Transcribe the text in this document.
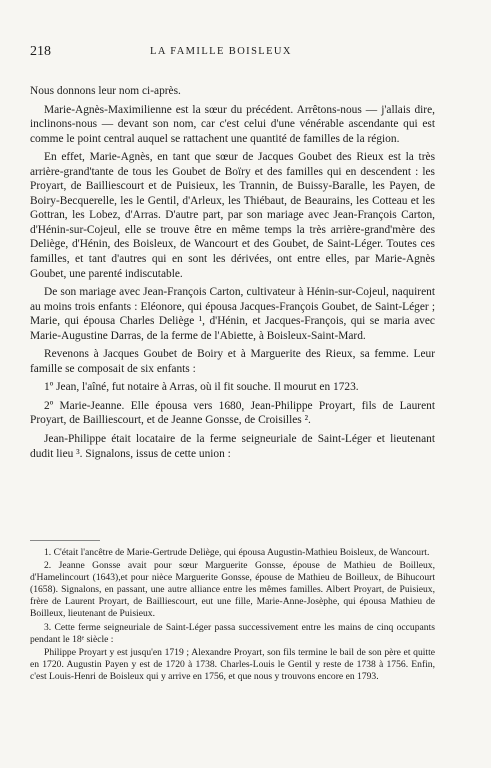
218	LA FAMILLE BOISLEUX

Nous donnons leur nom ci-après.

Marie-Agnès-Maximilienne est la sœur du précédent. Arrêtons-nous — j'allais dire, inclinons-nous — devant son nom, car c'est celui d'une vénérable ascendante qui est comme le point central auquel se rattachent une quantité de familles de la région.

En effet, Marie-Agnès, en tant que sœur de Jacques Goubet des Rieux est la très arrière-grand'tante de tous les Goubet de Boïry et des familles qui en descendent : les Proyart, de Bailliescourt et de Puisieux, les Trannin, de Buissy-Baralle, les Payen, de Boiry-Becquerelle, les le Gentil, d'Arleux, les Thiébaut, de Beaurains, les Cotteau et les Gottran, les Lobez, d'Arras. D'autre part, par son mariage avec Jean-François Carton, d'Hénin-sur-Cojeul, elle se trouve être en même temps la très arrière-grand'mère des Deliège, d'Hénin, des Boisleux, de Wancourt et des Goubet, de Saint-Léger. Toutes ces familles, et tant d'autres qui en sont les dérivées, ont entre elles, par Marie-Agnès Goubet, une parenté indiscutable.

De son mariage avec Jean-François Carton, cultivateur à Hénin-sur-Cojeul, naquirent au moins trois enfants : Eléonore, qui épousa Jacques-François Goubet, de Saint-Léger ; Marie, qui épousa Charles Deliège ¹, d'Hénin, et Jacques-François, qui se maria avec Marie-Augustine Darras, de la ferme de l'Abiette, à Boisleux-Saint-Mard.

Revenons à Jacques Goubet de Boiry et à Marguerite des Rieux, sa femme. Leur famille se composait de six enfants :

1º Jean, l'aîné, fut notaire à Arras, où il fit souche. Il mourut en 1723.

2º Marie-Jeanne. Elle épousa vers 1680, Jean-Philippe Proyart, fils de Laurent Proyart, de Bailliescourt, et de Jeanne Gonsse, de Croisilles ².

Jean-Philippe était locataire de la ferme seigneuriale de Saint-Léger et lieutenant dudit lieu ³. Signalons, issus de cette union :

1. C'était l'ancêtre de Marie-Gertrude Deliège, qui épousa Augustin-Mathieu Boisleux, de Wancourt.

2. Jeanne Gonsse avait pour sœur Marguerite Gonsse, épouse de Mathieu de Boilleux, d'Hamelincourt (1643),et pour nièce Marguerite Gonsse, épouse de Mathieu de Boilleux, de Bihucourt (1658). Signalons, en passant, une autre alliance entre les mêmes familles. Albert Proyart, de Puisieux, frère de Laurent Proyart, de Bailliescourt, eut une fille, Marie-Anne-Josèphe, qui épousa Mathieu de Boilleux, lieutenant de Puisieux.

3. Cette ferme seigneuriale de Saint-Léger passa successivement entre les mains de cinq occupants pendant le 18ᵉ siècle :

Philippe Proyart y est jusqu'en 1719 ; Alexandre Proyart, son fils termine le bail de son père et quitte en 1720. Augustin Payen y est de 1720 à 1738. Charles-Louis le Gentil y reste de 1738 à 1756. Enfin, c'est Louis-Henri de Boisleux qui y arrive en 1756, et que nous y trouvons encore en 1793.
